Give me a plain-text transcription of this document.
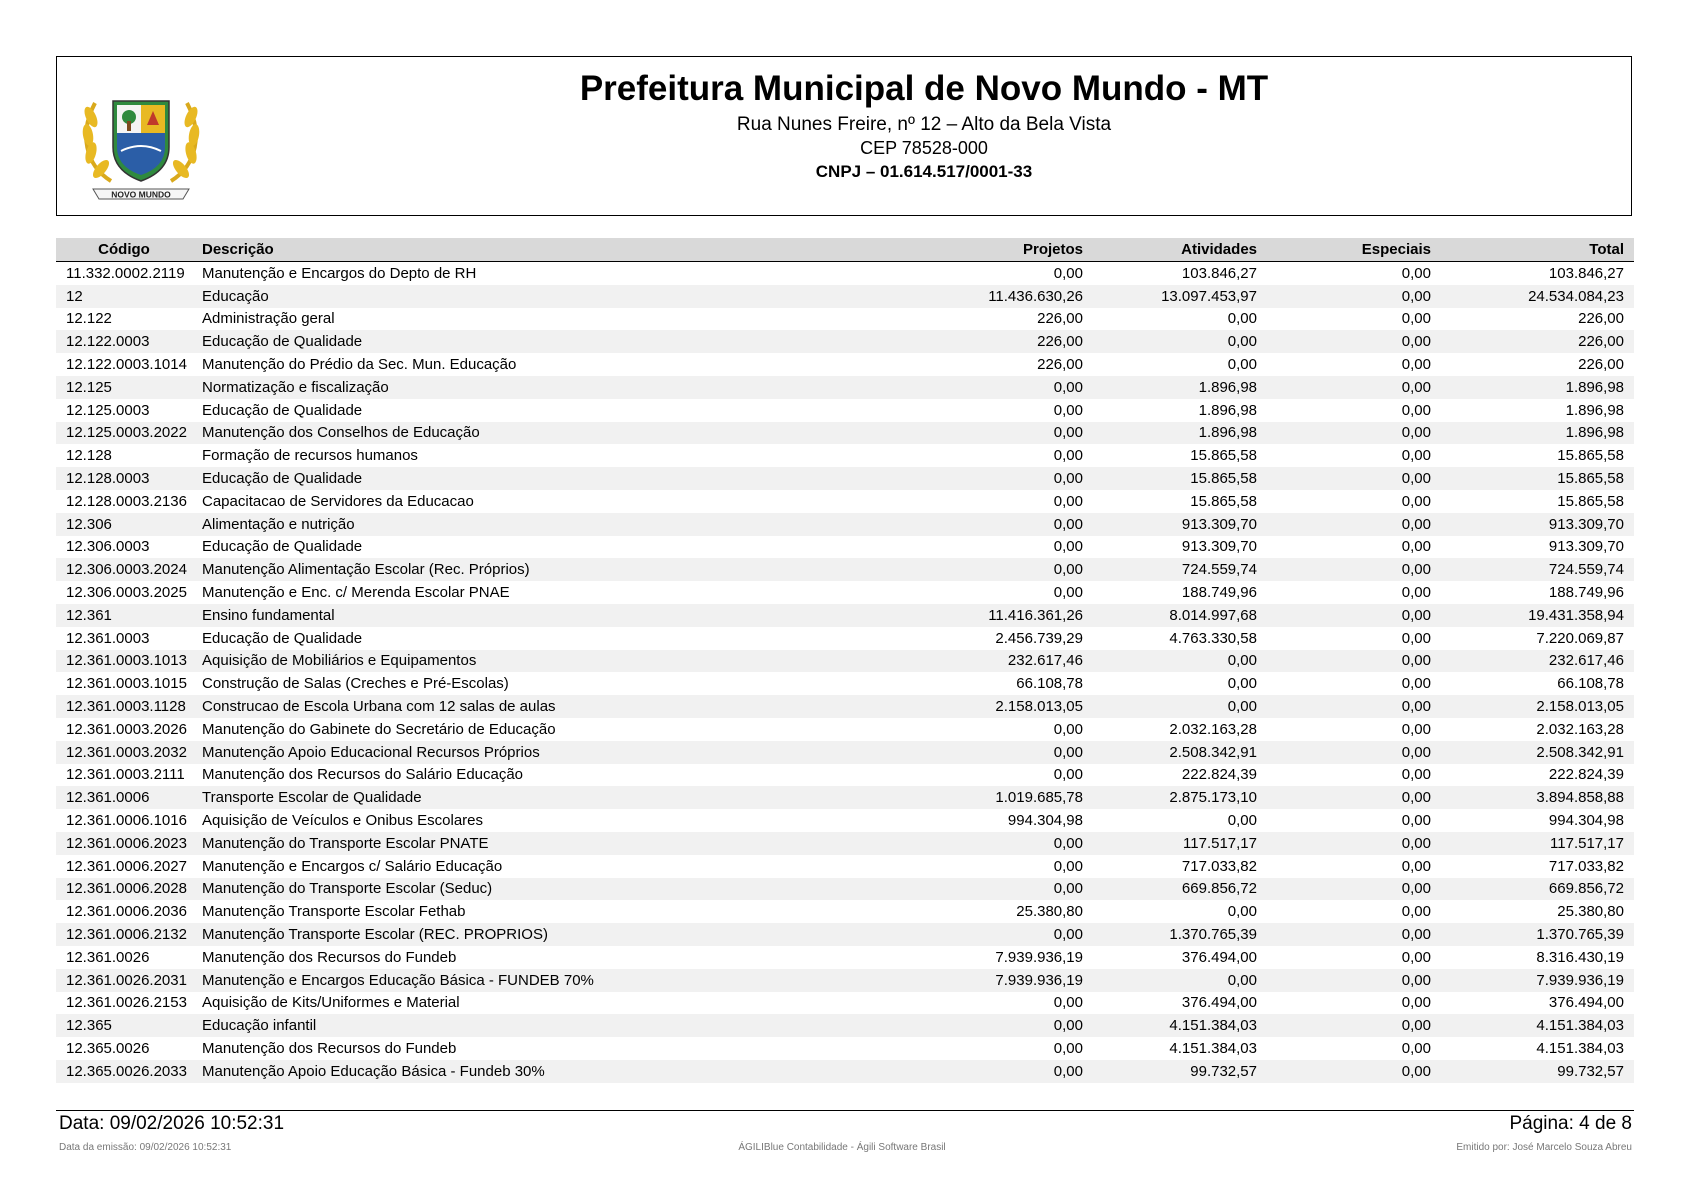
NOVO MUNDO
Prefeitura Municipal de Novo Mundo - MT
Rua Nunes Freire, nº 12 – Alto da Bela Vista
CEP 78528-000
CNPJ – 01.614.517/0001-33
Código	Descrição	Projetos	Atividades	Especiais	Total
11.332.0002.2119	Manutenção e Encargos do Depto de RH	0,00	103.846,27	0,00	103.846,27
12	Educação	11.436.630,26	13.097.453,97	0,00	24.534.084,23
12.122	Administração geral	226,00	0,00	0,00	226,00
12.122.0003	Educação de Qualidade	226,00	0,00	0,00	226,00
12.122.0003.1014	Manutenção do Prédio da Sec. Mun. Educação	226,00	0,00	0,00	226,00
12.125	Normatização e fiscalização	0,00	1.896,98	0,00	1.896,98
12.125.0003	Educação de Qualidade	0,00	1.896,98	0,00	1.896,98
12.125.0003.2022	Manutenção dos Conselhos de Educação	0,00	1.896,98	0,00	1.896,98
12.128	Formação de recursos humanos	0,00	15.865,58	0,00	15.865,58
12.128.0003	Educação de Qualidade	0,00	15.865,58	0,00	15.865,58
12.128.0003.2136	Capacitacao de Servidores da Educacao	0,00	15.865,58	0,00	15.865,58
12.306	Alimentação e nutrição	0,00	913.309,70	0,00	913.309,70
12.306.0003	Educação de Qualidade	0,00	913.309,70	0,00	913.309,70
12.306.0003.2024	Manutenção Alimentação Escolar (Rec. Próprios)	0,00	724.559,74	0,00	724.559,74
12.306.0003.2025	Manutenção e Enc. c/ Merenda Escolar PNAE	0,00	188.749,96	0,00	188.749,96
12.361	Ensino fundamental	11.416.361,26	8.014.997,68	0,00	19.431.358,94
12.361.0003	Educação de Qualidade	2.456.739,29	4.763.330,58	0,00	7.220.069,87
12.361.0003.1013	Aquisição de Mobiliários e Equipamentos	232.617,46	0,00	0,00	232.617,46
12.361.0003.1015	Construção de Salas (Creches e Pré-Escolas)	66.108,78	0,00	0,00	66.108,78
12.361.0003.1128	Construcao de Escola Urbana com 12 salas de aulas	2.158.013,05	0,00	0,00	2.158.013,05
12.361.0003.2026	Manutenção do Gabinete do Secretário de Educação	0,00	2.032.163,28	0,00	2.032.163,28
12.361.0003.2032	Manutenção Apoio Educacional Recursos Próprios	0,00	2.508.342,91	0,00	2.508.342,91
12.361.0003.2111	Manutenção dos Recursos do Salário Educação	0,00	222.824,39	0,00	222.824,39
12.361.0006	Transporte Escolar de Qualidade	1.019.685,78	2.875.173,10	0,00	3.894.858,88
12.361.0006.1016	Aquisição de Veículos e Onibus Escolares	994.304,98	0,00	0,00	994.304,98
12.361.0006.2023	Manutenção do Transporte Escolar PNATE	0,00	117.517,17	0,00	117.517,17
12.361.0006.2027	Manutenção e Encargos c/ Salário Educação	0,00	717.033,82	0,00	717.033,82
12.361.0006.2028	Manutenção do Transporte Escolar (Seduc)	0,00	669.856,72	0,00	669.856,72
12.361.0006.2036	Manutenção Transporte Escolar Fethab	25.380,80	0,00	0,00	25.380,80
12.361.0006.2132	Manutenção Transporte Escolar (REC. PROPRIOS)	0,00	1.370.765,39	0,00	1.370.765,39
12.361.0026	Manutenção dos Recursos do Fundeb	7.939.936,19	376.494,00	0,00	8.316.430,19
12.361.0026.2031	Manutenção e Encargos Educação Básica - FUNDEB 70%	7.939.936,19	0,00	0,00	7.939.936,19
12.361.0026.2153	Aquisição de Kits/Uniformes e Material	0,00	376.494,00	0,00	376.494,00
12.365	Educação infantil	0,00	4.151.384,03	0,00	4.151.384,03
12.365.0026	Manutenção dos Recursos do Fundeb	0,00	4.151.384,03	0,00	4.151.384,03
12.365.0026.2033	Manutenção Apoio Educação Básica - Fundeb 30%	0,00	99.732,57	0,00	99.732,57
Data: 09/02/2026 10:52:31	Página: 4 de 8
Data da emissão: 09/02/2026 10:52:31	ÁGILIBlue Contabilidade - Ágili Software Brasil	Emitido por: José Marcelo Souza Abreu
